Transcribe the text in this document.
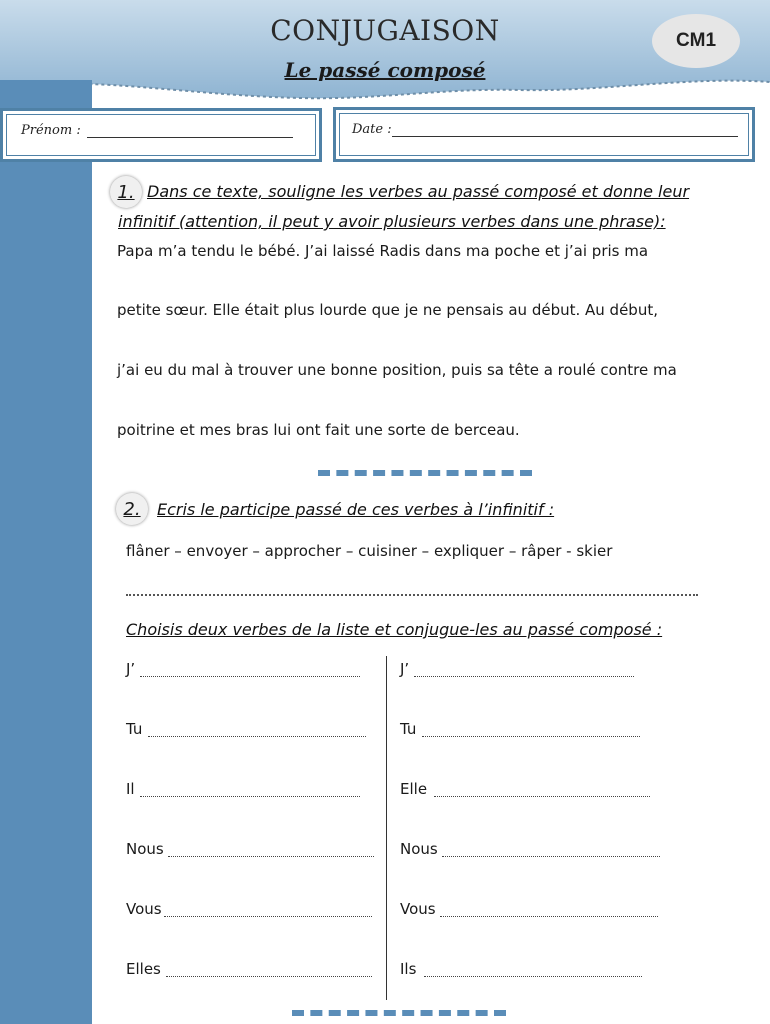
CONJUGAISON
Le passé composé
CM1
Prénom :	Date :
1. Dans ce texte, souligne les verbes au passé composé et donne leur
infinitif (attention, il peut y avoir plusieurs verbes dans une phrase):
Papa m’a tendu le bébé. J’ai laissé Radis dans ma poche et j’ai pris ma
petite sœur. Elle était plus lourde que je ne pensais au début. Au début,
j’ai eu du mal à trouver une bonne position, puis sa tête a roulé contre ma
poitrine et mes bras lui ont fait une sorte de berceau.
2.	Ecris le participe passé de ces verbes à l’infinitif :
flâner – envoyer – approcher – cuisiner – expliquer – râper - skier
Choisis deux verbes de la liste et conjugue-les au passé composé :
J’
Tu
Il
Nous
Vous
Elles
J’
Tu
Elle
Nous
Vous
Ils
